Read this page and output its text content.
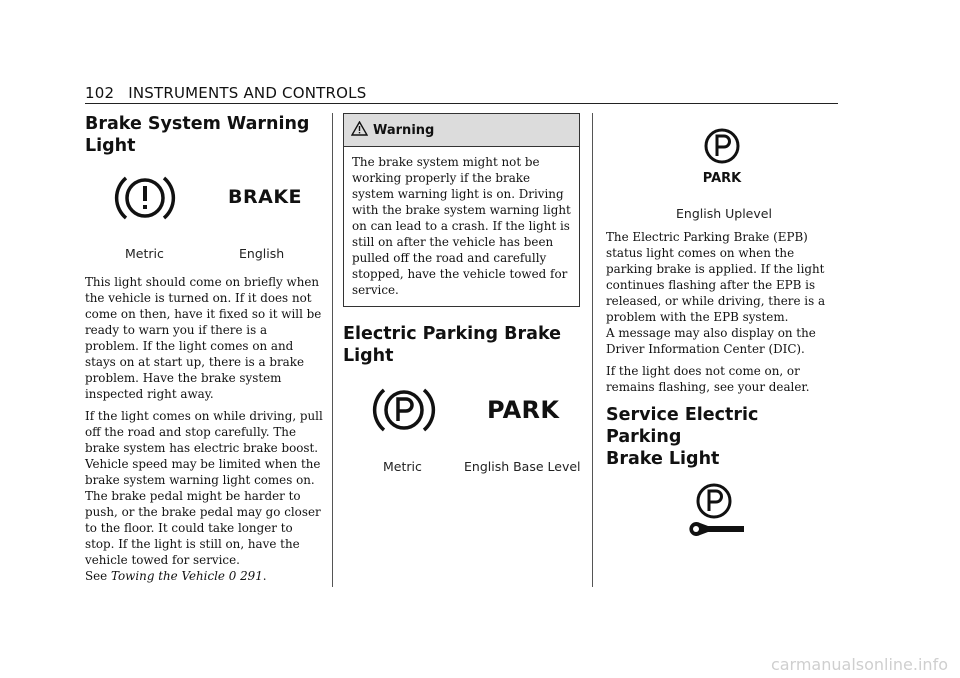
102 INSTRUMENTS AND CONTROLS
Brake System Warning
Light
Metric
BRAKE
English

This light should come on briefly when the vehicle is turned on. If it does not come on then, have it fixed so it will be ready to warn you if there is a problem. If the light comes on and stays on at start up, there is a brake problem. Have the brake system inspected right away.

If the light comes on while driving, pull off the road and stop carefully. The brake system has electric brake boost. Vehicle speed may be limited when the brake system warning light comes on. The brake pedal might be harder to push, or the brake pedal may go closer to the floor. It could take longer to stop. If the light is still on, have the vehicle towed for service.
See Towing the Vehicle 0 291.

Warning

The brake system might not be working properly if the brake system warning light is on. Driving with the brake system warning light on can lead to a crash. If the light is still on after the vehicle has been pulled off the road and carefully stopped, have the vehicle towed for service.

Electric Parking Brake
Light
Metric
PARK
English Base Level
PARK
English Uplevel

The Electric Parking Brake (EPB) status light comes on when the parking brake is applied. If the light continues flashing after the EPB is released, or while driving, there is a problem with the EPB system.

A message may also display on the Driver Information Center (DIC).

If the light does not come on, or remains flashing, see your dealer.

Service Electric Parking
Brake Light
carmanualsonline.info
